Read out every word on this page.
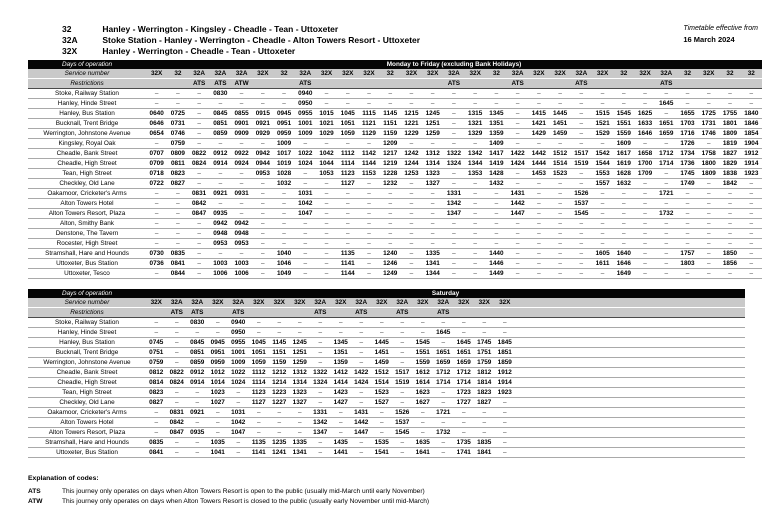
32	Hanley - Werrington - Kingsley - Cheadle - Tean - Uttoxeter
32A	Stoke Station - Hanley - Werrington - Cheadle - Alton Towers Resort - Uttoxeter
32X	Hanley - Werrington - Cheadle - Tean - Uttoxeter
Timetable effective from
16 March 2024
Days of operation	Monday to Friday (excluding Bank Holidays)																												
Service number	32X	32	32A	32A	32A	32X	32	32A	32X	32X	32X	32	32X	32X	32A	32X	32	32A	32X	32X	32A	32X	32	32X	32A	32	32X	32	32
Restrictions			ATS	ATS	ATW			ATS							ATS			ATS			ATS				ATS				
Stoke, Railway Station	–	–	–	0830	–	–	–	0940	–	–	–	–	–	–	–	–	–	–	–	–	–	–	–	–	–	–	–	–	–
Hanley, Hinde Street	–	–	–	–	–	–	–	0950	–	–	–	–	–	–	–	–	–	–	–	–	–	–	–	–	1645	–	–	–	–
Hanley, Bus Station	0640	0725	–	0845	0855	0915	0945	0955	1015	1045	1115	1145	1215	1245	–	1315	1345	–	1415	1445	–	1515	1545	1625	–	1655	1725	1755	1840
Bucknall, Trent Bridge	0646	0731	–	0851	0901	0921	0951	1001	1021	1051	1121	1151	1221	1251	–	1321	1351	–	1421	1451	–	1521	1551	1633	1651	1703	1731	1801	1846
Werrington, Johnstone Avenue	0654	0746	–	0859	0909	0929	0959	1009	1029	1059	1129	1159	1229	1259	–	1329	1359	–	1429	1459	–	1529	1559	1646	1659	1716	1746	1809	1854
Kingsley, Royal Oak	–	0759	–	–	–	–	1009	–	–	–	–	1209	–	–	–	–	1409	–	–	–	–	–	1609	–	–	1726	–	1819	1904
Cheadle, Bank Street	0707	0809	0822	0912	0922	0942	1017	1022	1042	1112	1142	1217	1242	1312	1322	1342	1417	1422	1442	1512	1517	1542	1617	1658	1712	1734	1758	1827	1912
Cheadle, High Street	0709	0811	0824	0914	0924	0944	1019	1024	1044	1114	1144	1219	1244	1314	1324	1344	1419	1424	1444	1514	1519	1544	1619	1700	1714	1736	1800	1829	1914
Tean, High Street	0718	0823	–	–	–	0953	1028	–	1053	1123	1153	1228	1253	1323	–	1353	1428	–	1453	1523	–	1553	1628	1709	–	1745	1809	1838	1923
Checkley, Old Lane	0722	0827	–	–	–	–	1032	–	–	1127	–	1232	–	1327	–	–	1432	–	–	–	–	1557	1632	–	–	1749	–	1842	–
Oakamoor, Cricketer's Arms	–	–	0831	0921	0931	–	–	1031	–	–	–	–	–	–	1331	–	–	1431	–	–	1526	–	–	–	1721	–	–	–	–
Alton Towers Hotel	–	–	0842	–	–	–	–	1042	–	–	–	–	–	–	1342	–	–	1442	–	–	1537	–	–	–	–	–	–	–	–
Alton Towers Resort, Plaza	–	–	0847	0935	–	–	–	1047	–	–	–	–	–	–	1347	–	–	1447	–	–	1545	–	–	–	1732	–	–	–	–
Alton, Smithy Bank	–	–	–	0942	0942	–	–	–	–	–	–	–	–	–	–	–	–	–	–	–	–	–	–	–	–	–	–	–	–
Denstone, The Tavern	–	–	–	0948	0948	–	–	–	–	–	–	–	–	–	–	–	–	–	–	–	–	–	–	–	–	–	–	–	–
Rocester, High Street	–	–	–	0953	0953	–	–	–	–	–	–	–	–	–	–	–	–	–	–	–	–	–	–	–	–	–	–	–	–
Stramshall, Hare and Hounds	0730	0835	–	–	–	–	1040	–	–	1135	–	1240	–	1335	–	–	1440	–	–	–	–	1605	1640	–	–	1757	–	1850	–
Uttoxeter, Bus Station	0736	0841	–	1003	1003	–	1046	–	–	1141	–	1246	–	1341	–	–	1446	–	–	–	–	1611	1646	–	–	1803	–	1856	–
Uttoxeter, Tesco	–	0844	–	1006	1006	–	1049	–	–	1144	–	1249	–	1344	–	–	1449	–	–	–	–	–	1649	–	–	–	–	–	–
Days of operation	Saturday																		
Service number	32X	32A	32A	32X	32A	32X	32X	32X	32A	32X	32A	32X	32A	32X	32A	32X	32X	32X	
Restrictions		ATS	ATS		ATS				ATS		ATS		ATS		ATS				
Stoke, Railway Station	–	–	0830	–	0940	–	–	–	–	–	–	–	–	–	–	–	–	–	
Hanley, Hinde Street	–	–	–	–	0950	–	–	–	–	–	–	–	–	–	1645	–	–	–	
Hanley, Bus Station	0745	–	0845	0945	0955	1045	1145	1245	–	1345	–	1445	–	1545	–	1645	1745	1845	
Bucknall, Trent Bridge	0751	–	0851	0951	1001	1051	1151	1251	–	1351	–	1451	–	1551	1651	1651	1751	1851	
Werrington, Johnstone Avenue	0759	–	0859	0959	1009	1059	1159	1259	–	1359	–	1459	–	1559	1659	1659	1759	1859	
Cheadle, Bank Street	0812	0822	0912	1012	1022	1112	1212	1312	1322	1412	1422	1512	1517	1612	1712	1712	1812	1912	
Cheadle, High Street	0814	0824	0914	1014	1024	1114	1214	1314	1324	1414	1424	1514	1519	1614	1714	1714	1814	1914	
Tean, High Street	0823	–	–	1023	–	1123	1223	1323	–	1423	–	1523	–	1623	–	1723	1823	1923	
Checkley, Old Lane	0827	–	–	1027	–	1127	1227	1327	–	1427	–	1527	–	1627	–	1727	1827	–	
Oakamoor, Cricketer's Arms	–	0831	0921	–	1031	–	–	–	1331	–	1431	–	1526	–	1721	–	–	–	
Alton Towers Hotel	–	0842	–	–	1042	–	–	–	1342	–	1442	–	1537	–	–	–	–	–	
Alton Towers Resort, Plaza	–	0847	0935	–	1047	–	–	–	1347	–	1447	–	1545	–	1732	–	–	–	
Stramshall, Hare and Hounds	0835	–	–	1035	–	1135	1235	1335	–	1435	–	1535	–	1635	–	1735	1835	–	
Uttoxeter, Bus Station	0841	–	–	1041	–	1141	1241	1341	–	1441	–	1541	–	1641	–	1741	1841	–	
Explanation of codes:
ATS	This journey only operates on days when Alton Towers Resort is open to the public (usually mid-March until early November)
ATW	This journey only operates on days when Alton Towers Resort is closed to the public (usually early November until mid-March)
